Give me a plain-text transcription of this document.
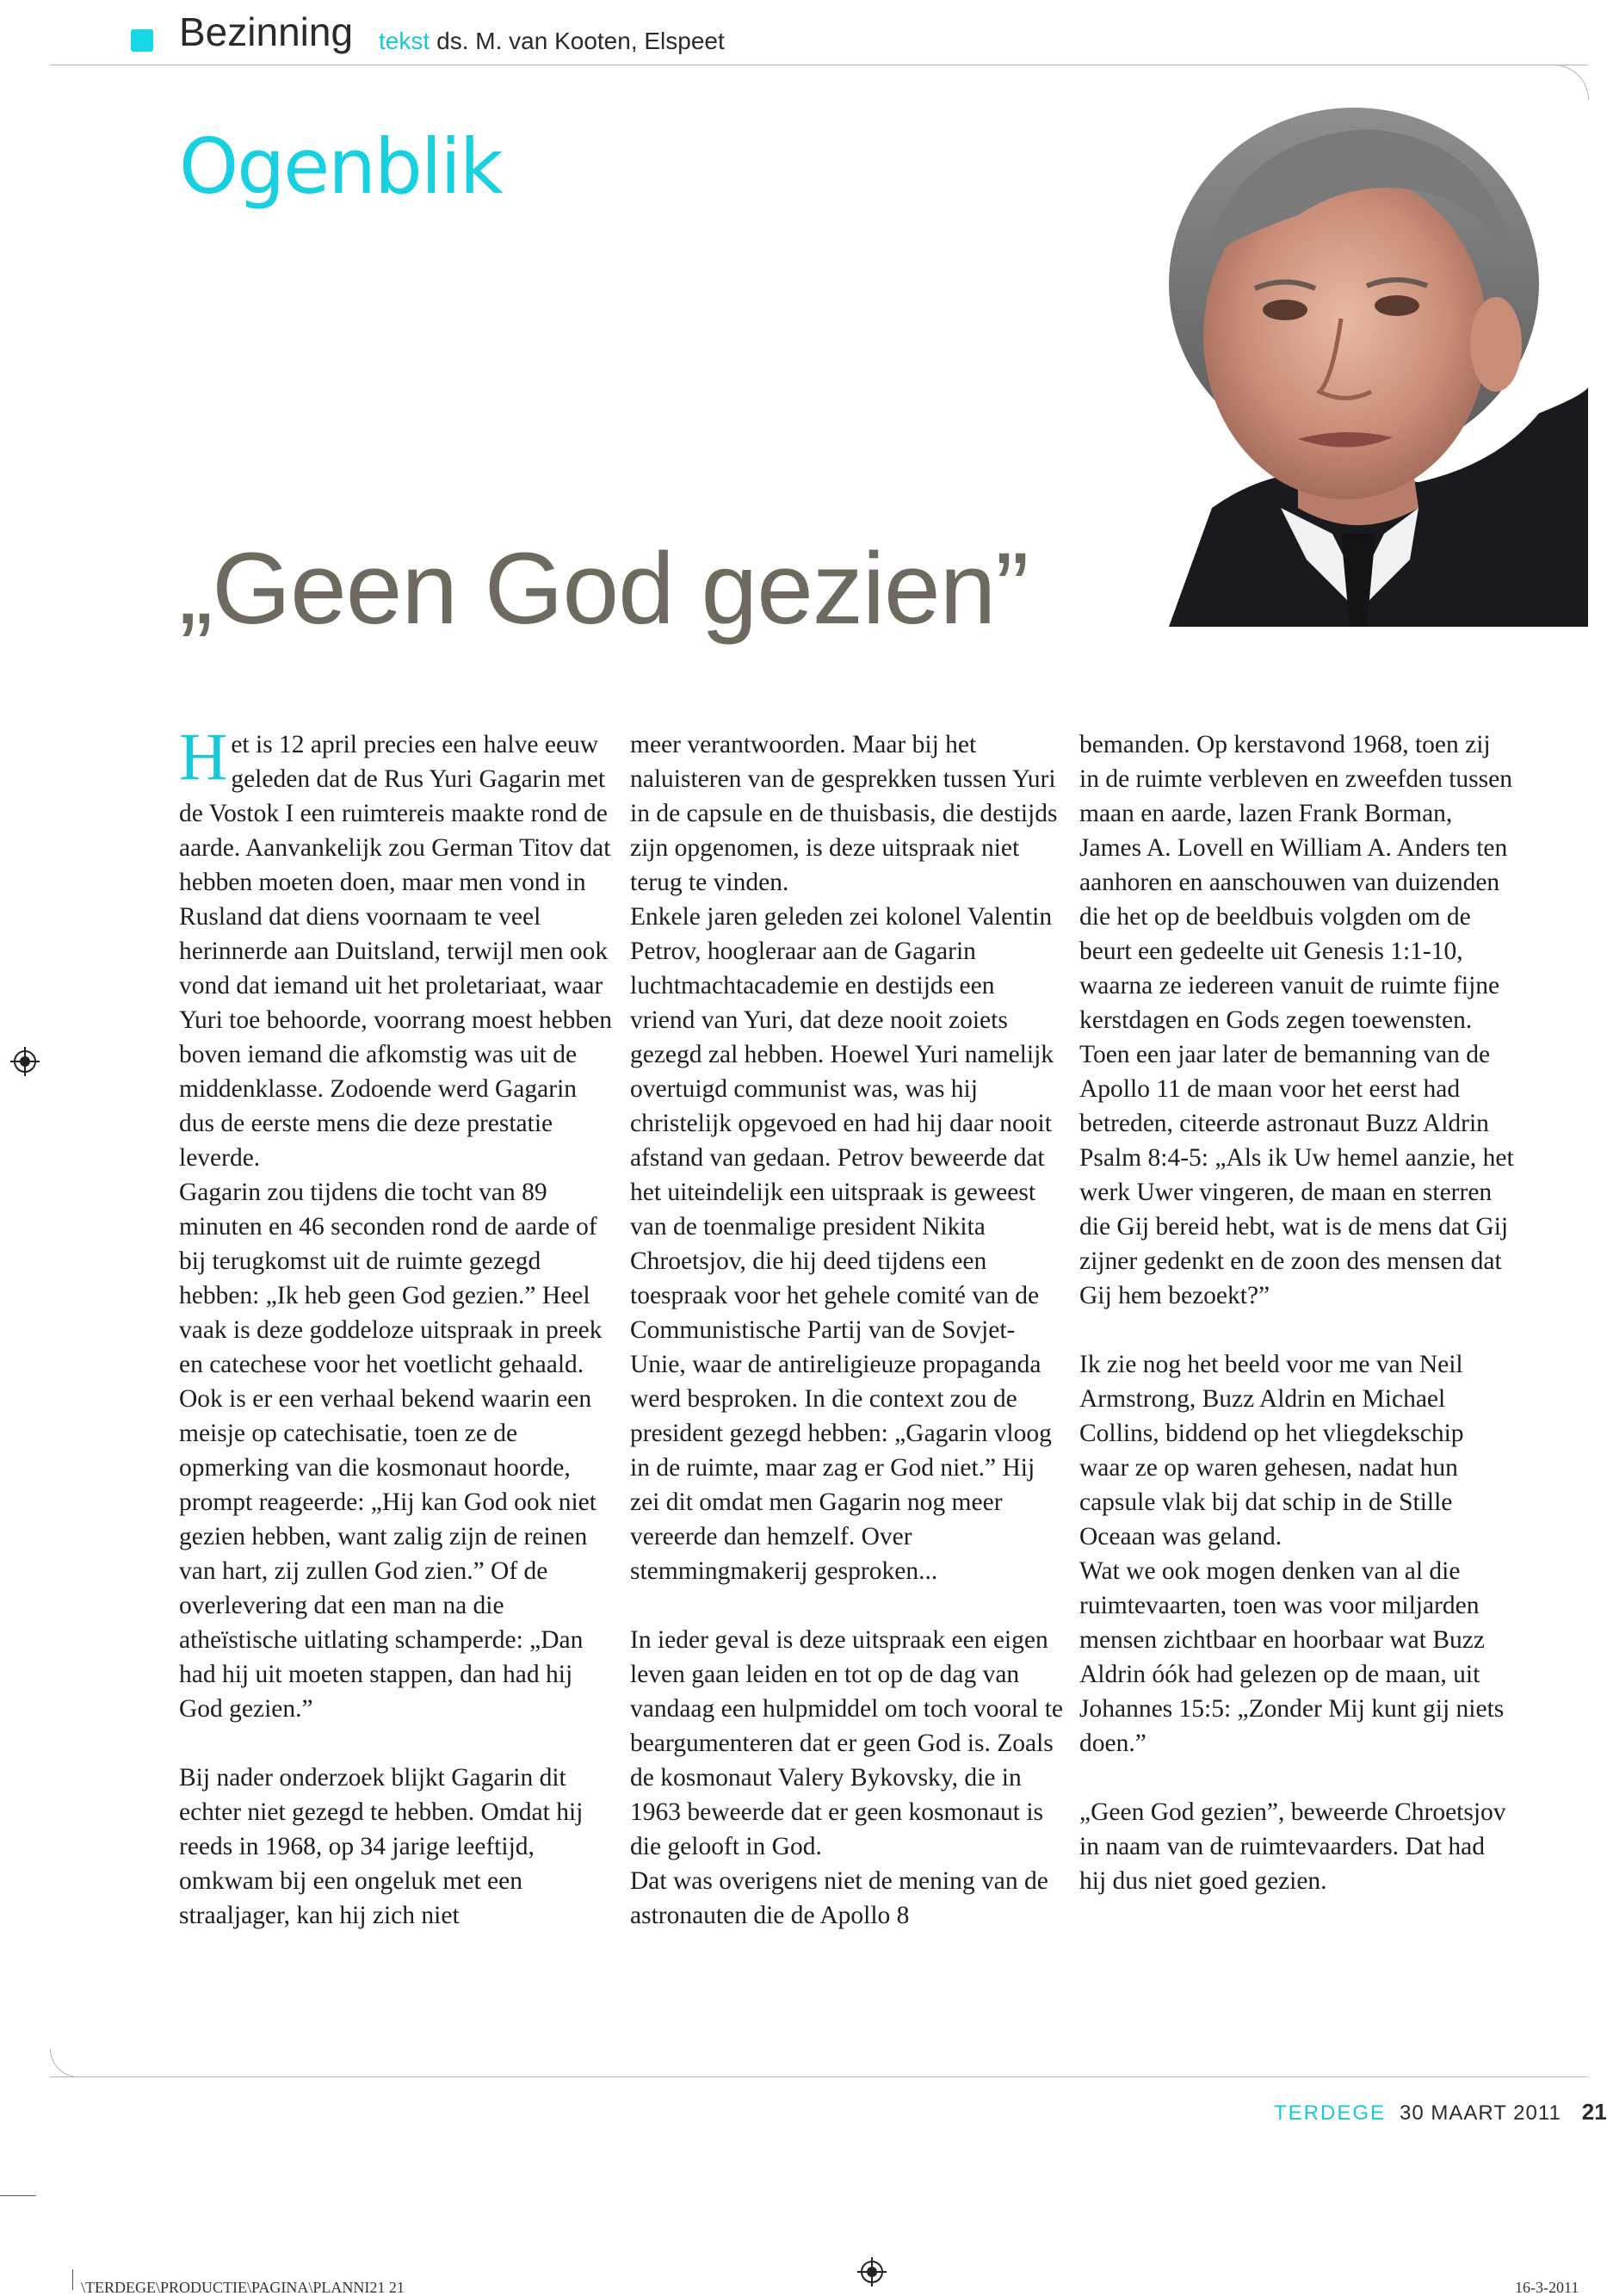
Bezinning tekst ds. M. van Kooten, Elspeet
Ogenblik
„Geen God gezien”

Het is 12 april precies een halve eeuw geleden dat de Rus Yuri Gagarin met de Vostok I een ruimtereis maakte rond de aarde. Aanvankelijk zou German Titov dat hebben moeten doen, maar men vond in Rusland dat diens voornaam te veel herinnerde aan Duitsland, terwijl men ook vond dat iemand uit het proletariaat, waar Yuri toe behoorde, voorrang moest hebben boven iemand die afkomstig was uit de middenklasse. Zodoende werd Gagarin dus de eerste mens die deze prestatie leverde.

Gagarin zou tijdens die tocht van 89 minuten en 46 seconden rond de aarde of bij terugkomst uit de ruimte gezegd hebben: „Ik heb geen God gezien.” Heel vaak is deze goddeloze uitspraak in preek en catechese voor het voetlicht gehaald. Ook is er een verhaal bekend waarin een meisje op catechisatie, toen ze de opmerking van die kosmonaut hoorde, prompt reageerde: „Hij kan God ook niet gezien hebben, want zalig zijn de reinen van hart, zij zullen God zien.” Of de overlevering dat een man na die atheïstische uitlating schamperde: „Dan had hij uit moeten stappen, dan had hij God gezien.”

Bij nader onderzoek blijkt Gagarin dit echter niet gezegd te hebben. Omdat hij reeds in 1968, op 34 jarige leeftijd, omkwam bij een ongeluk met een straaljager, kan hij zich niet

meer verantwoorden. Maar bij het naluisteren van de gesprekken tussen Yuri in de capsule en de thuisbasis, die destijds zijn opgenomen, is deze uitspraak niet terug te vinden.

Enkele jaren geleden zei kolonel Valentin Petrov, hoogleraar aan de Gagarin luchtmachtacademie en destijds een vriend van Yuri, dat deze nooit zoiets gezegd zal hebben. Hoewel Yuri namelijk overtuigd communist was, was hij christelijk opgevoed en had hij daar nooit afstand van gedaan. Petrov beweerde dat het uiteindelijk een uitspraak is geweest van de toenmalige president Nikita Chroetsjov, die hij deed tijdens een toespraak voor het gehele comité van de Communistische Partij van de Sovjet-Unie, waar de antireligieuze propaganda werd besproken. In die context zou de president gezegd hebben: „Gagarin vloog in de ruimte, maar zag er God niet.” Hij zei dit omdat men Gagarin nog meer vereerde dan hemzelf. Over stemmingmakerij gesproken...

In ieder geval is deze uitspraak een eigen leven gaan leiden en tot op de dag van vandaag een hulpmiddel om toch vooral te beargumenteren dat er geen God is. Zoals de kosmonaut Valery Bykovsky, die in 1963 beweerde dat er geen kosmonaut is die gelooft in God.

Dat was overigens niet de mening van de astronauten die de Apollo 8

bemanden. Op kerstavond 1968, toen zij in de ruimte verbleven en zweefden tussen maan en aarde, lazen Frank Borman, James A. Lovell en William A. Anders ten aanhoren en aanschouwen van duizenden die het op de beeldbuis volgden om de beurt een gedeelte uit Genesis 1:1-10, waarna ze iedereen vanuit de ruimte fijne kerstdagen en Gods zegen toewensten.

Toen een jaar later de bemanning van de Apollo 11 de maan voor het eerst had betreden, citeerde astronaut Buzz Aldrin Psalm 8:4-5: „Als ik Uw hemel aanzie, het werk Uwer vingeren, de maan en sterren die Gij bereid hebt, wat is de mens dat Gij zijner gedenkt en de zoon des mensen dat Gij hem bezoekt?”

Ik zie nog het beeld voor me van Neil Armstrong, Buzz Aldrin en Michael Collins, biddend op het vliegdekschip waar ze op waren gehesen, nadat hun capsule vlak bij dat schip in de Stille Oceaan was geland.

Wat we ook mogen denken van al die ruimtevaarten, toen was voor miljarden mensen zichtbaar en hoorbaar wat Buzz Aldrin óók had gelezen op de maan, uit Johannes 15:5: „Zonder Mij kunt gij niets doen.”

„Geen God gezien”, beweerde Chroetsjov in naam van de ruimtevaarders. Dat had hij dus niet goed gezien.

TERDEGE 30 MAART 2011 21
\TERDEGE\PRODUCTIE\PAGINA\PLANNI21 21	16-3-2011
